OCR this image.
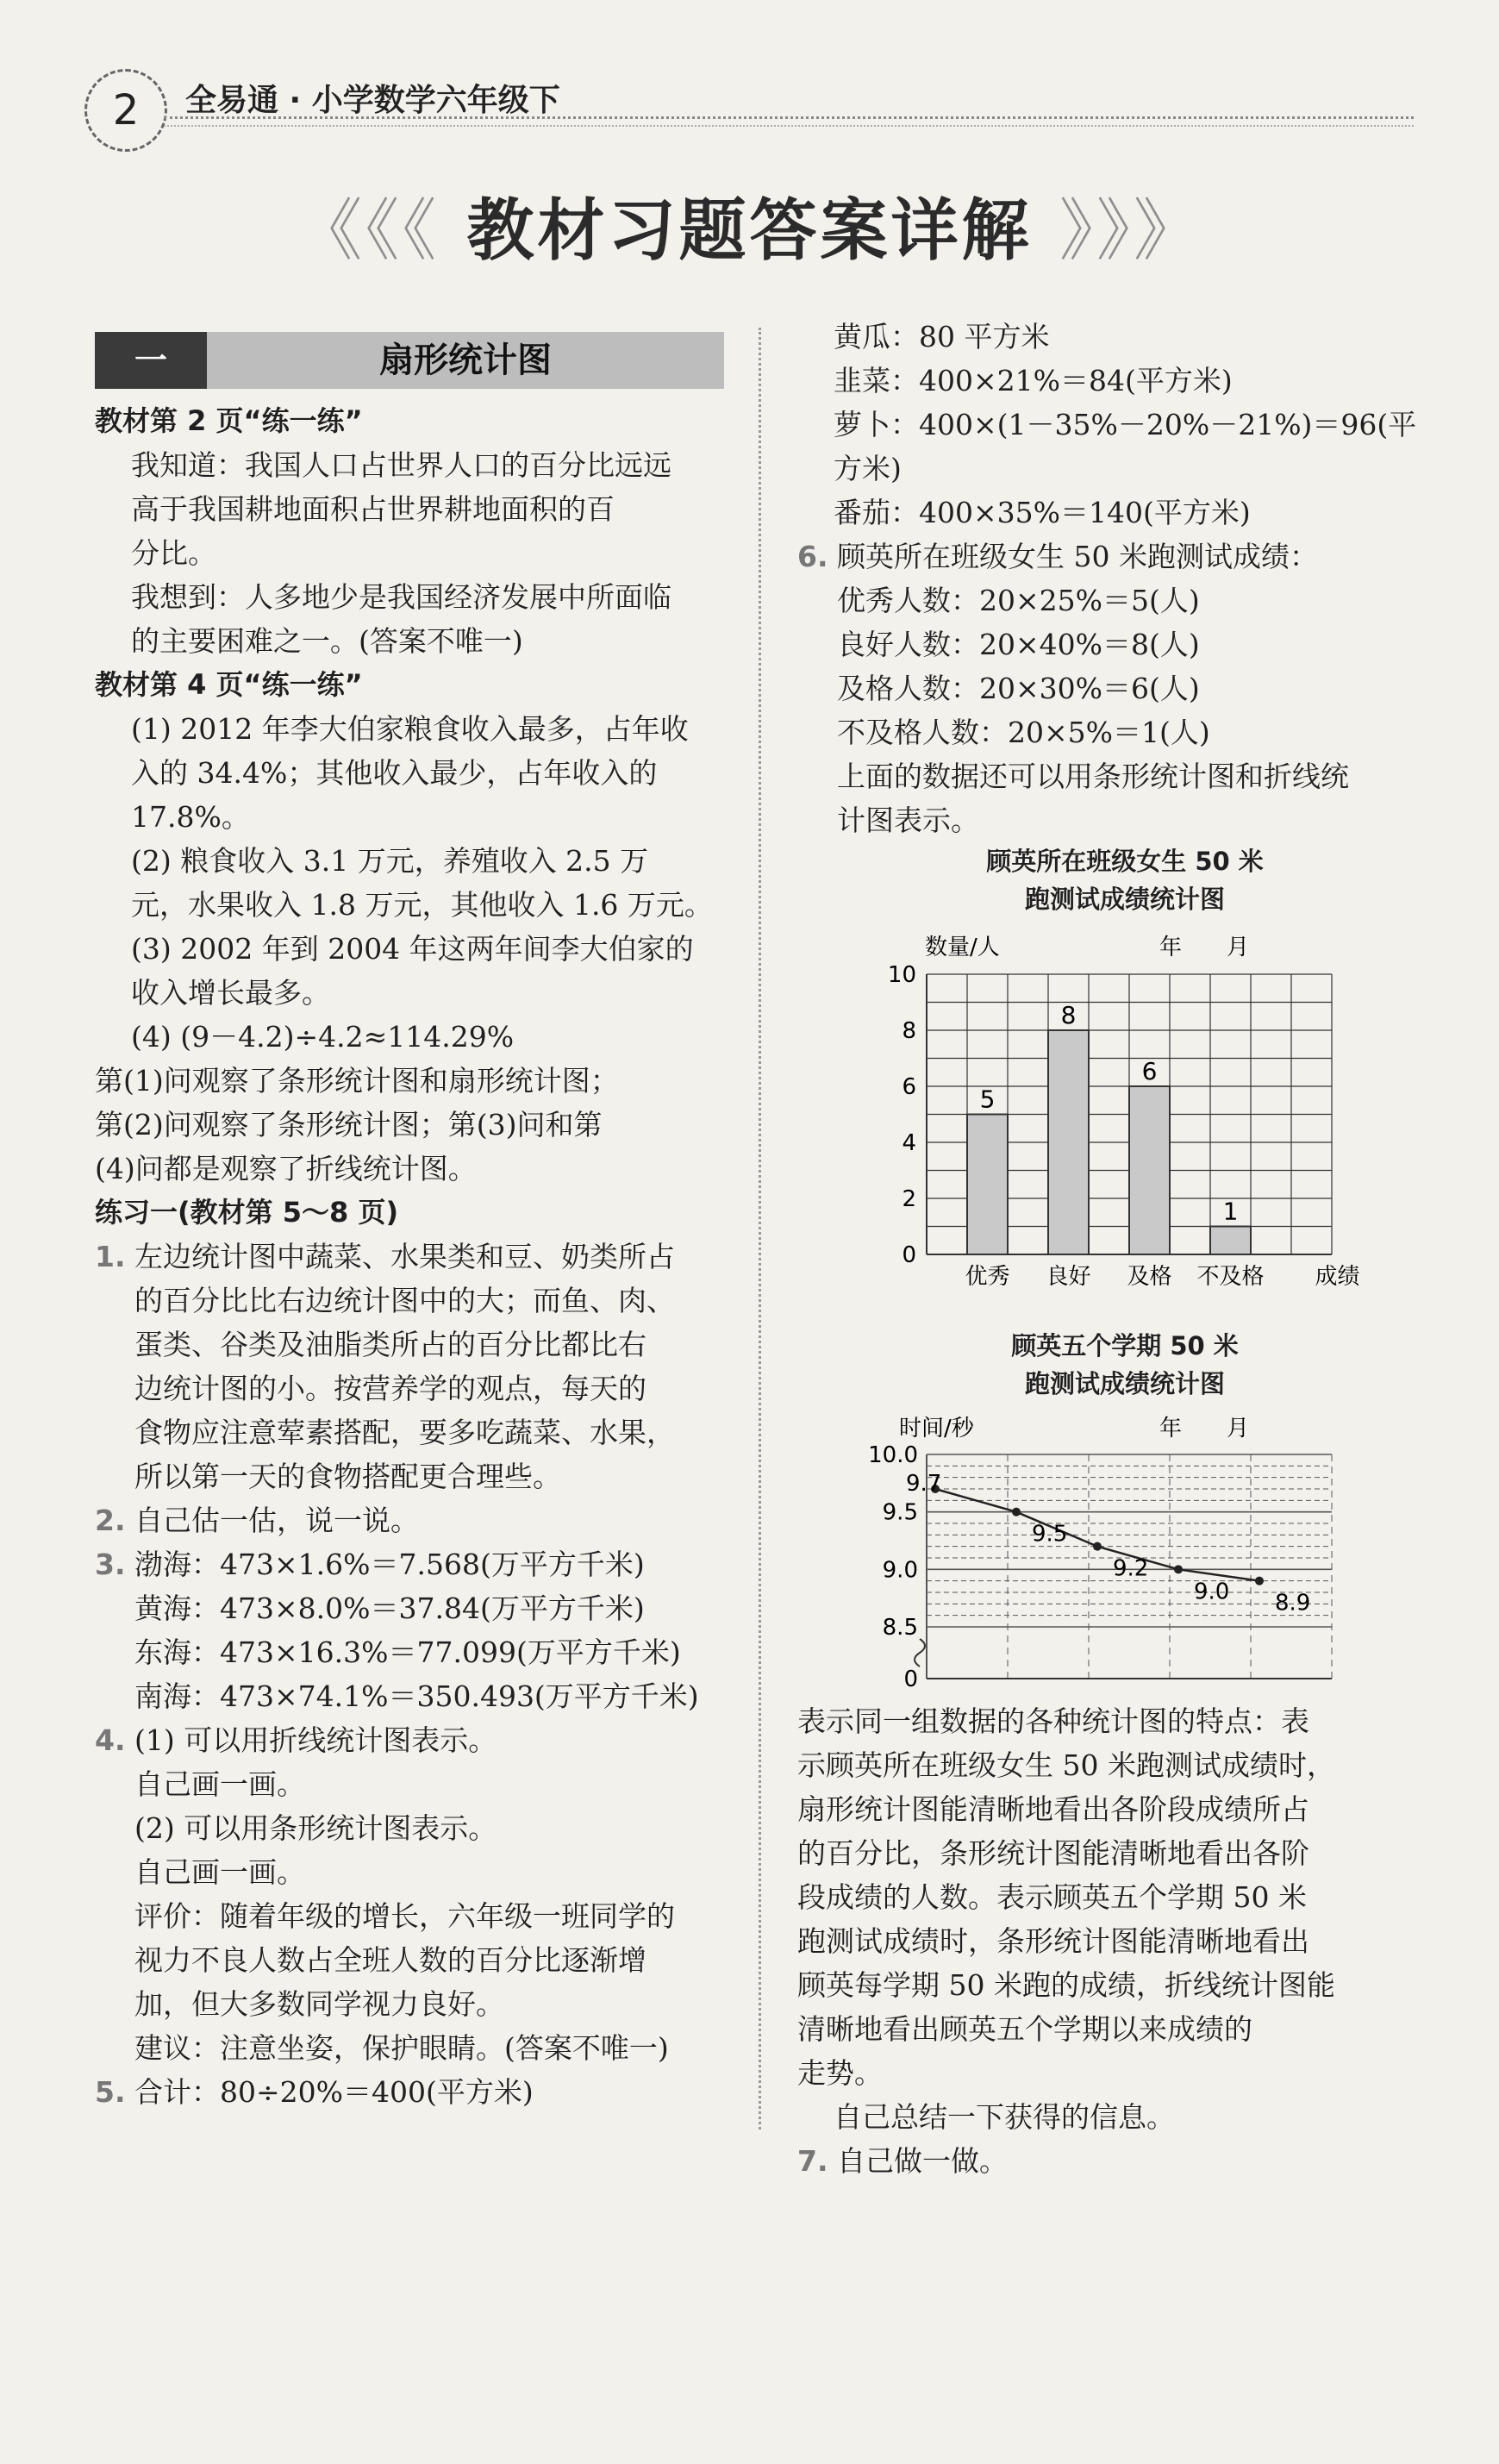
2	全易通 · 小学数学六年级下
《《《 教材习题答案详解 》》》
一	扇形统计图
教材第 2 页“练一练”
我知道：我国人口占世界人口的百分比远远
高于我国耕地面积占世界耕地面积的百
分比。
我想到：人多地少是我国经济发展中所面临
的主要困难之一。(答案不唯一)
教材第 4 页“练一练”
(1) 2012 年李大伯家粮食收入最多，占年收
入的 34.4%；其他收入最少，占年收入的
17.8%。
(2) 粮食收入 3.1 万元，养殖收入 2.5 万
元，水果收入 1.8 万元，其他收入 1.6 万元。
(3) 2002 年到 2004 年这两年间李大伯家的
收入增长最多。
(4) (9－4.2)÷4.2≈114.29%
第(1)问观察了条形统计图和扇形统计图；
第(2)问观察了条形统计图；第(3)问和第
(4)问都是观察了折线统计图。
练习一(教材第 5～8 页)
1. 左边统计图中蔬菜、水果类和豆、奶类所占
的百分比比右边统计图中的大；而鱼、肉、
蛋类、谷类及油脂类所占的百分比都比右
边统计图的小。按营养学的观点，每天的
食物应注意荤素搭配，要多吃蔬菜、水果，
所以第一天的食物搭配更合理些。
2. 自己估一估，说一说。
3. 渤海：473×1.6%＝7.568(万平方千米)
黄海：473×8.0%＝37.84(万平方千米)
东海：473×16.3%＝77.099(万平方千米)
南海：473×74.1%＝350.493(万平方千米)
4. (1) 可以用折线统计图表示。
自己画一画。
(2) 可以用条形统计图表示。
自己画一画。
评价：随着年级的增长，六年级一班同学的
视力不良人数占全班人数的百分比逐渐增
加，但大多数同学视力良好。
建议：注意坐姿，保护眼睛。(答案不唯一)
5. 合计：80÷20%＝400(平方米)
黄瓜：80 平方米
韭菜：400×21%＝84(平方米)
萝卜：400×(1－35%－20%－21%)＝96(平方米)
番茄：400×35%＝140(平方米)
6. 顾英所在班级女生 50 米跑测试成绩：
优秀人数：20×25%＝5(人)
良好人数：20×40%＝8(人)
及格人数：20×30%＝6(人)
不及格人数：20×5%＝1(人)
上面的数据还可以用条形统计图和折线统
计图表示。
顾英所在班级女生 50 米
跑测试成绩统计图
数量/人	年　　月
0
2
4
6
8
10
5
优秀
8
良好
6
及格
1
不及格 成绩
顾英五个学期 50 米
跑测试成绩统计图
时间/秒	年　　月
8.5
9.0
9.5
10.0
0
9.7
9.5
9.2
9.0 8.9
表示同一组数据的各种统计图的特点：表
示顾英所在班级女生 50 米跑测试成绩时，
扇形统计图能清晰地看出各阶段成绩所占
的百分比，条形统计图能清晰地看出各阶
段成绩的人数。表示顾英五个学期 50 米
跑测试成绩时，条形统计图能清晰地看出
顾英每学期 50 米跑的成绩，折线统计图能
清晰地看出顾英五个学期以来成绩的
走势。
自己总结一下获得的信息。
7. 自己做一做。
